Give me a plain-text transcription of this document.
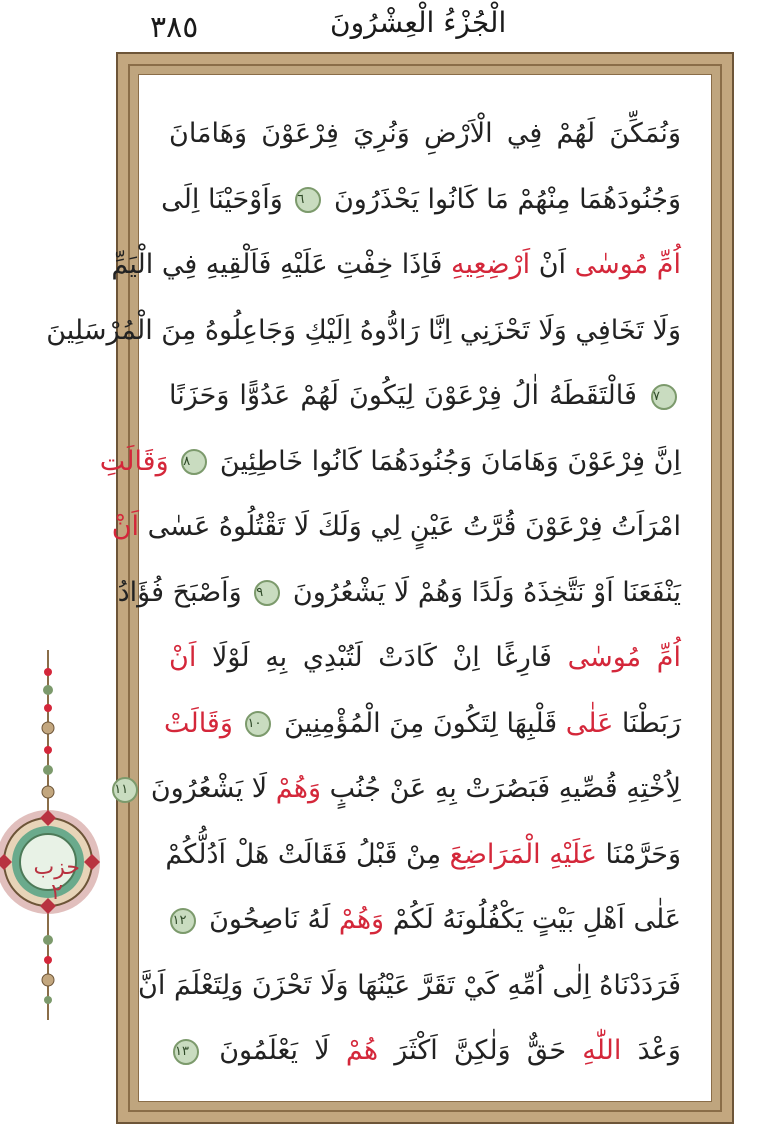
٣٨٥	الْجُزْءُ الْعِشْرُونَ
حزب ٢
وَنُمَكِّنَ لَهُمْ فِي الْاَرْضِ وَنُرِيَ فِرْعَوْنَ وَهَامَانَ
وَجُنُودَهُمَا مِنْهُمْ مَا كَانُوا يَحْذَرُونَ ٦ وَاَوْحَيْنَا اِلَى
اُمِّ مُوسٰى اَنْ اَرْضِعِيهِ فَاِذَا خِفْتِ عَلَيْهِ فَاَلْقِيهِ فِي الْيَمِّ
وَلَا تَخَافِي وَلَا تَحْزَنِي اِنَّا رَادُّوهُ اِلَيْكِ وَجَاعِلُوهُ مِنَ الْمُرْسَلِينَ
٧ فَالْتَقَطَهُ اٰلُ فِرْعَوْنَ لِيَكُونَ لَهُمْ عَدُوًّا وَحَزَنًا
اِنَّ فِرْعَوْنَ وَهَامَانَ وَجُنُودَهُمَا كَانُوا خَاطِئِينَ ٨ وَقَالَتِ
امْرَاَتُ فِرْعَوْنَ قُرَّتُ عَيْنٍ لِي وَلَكَ لَا تَقْتُلُوهُ عَسٰى اَنْ
يَنْفَعَنَا اَوْ نَتَّخِذَهُ وَلَدًا وَهُمْ لَا يَشْعُرُونَ ٩ وَاَصْبَحَ فُؤَادُ
اُمِّ مُوسٰى فَارِغًا اِنْ كَادَتْ لَتُبْدِي بِهِ لَوْلَا اَنْ
رَبَطْنَا عَلٰى قَلْبِهَا لِتَكُونَ مِنَ الْمُؤْمِنِينَ ١٠ وَقَالَتْ
لِاُخْتِهِ قُصِّيهِ فَبَصُرَتْ بِهِ عَنْ جُنُبٍ وَهُمْ لَا يَشْعُرُونَ ١١
وَحَرَّمْنَا عَلَيْهِ الْمَرَاضِعَ مِنْ قَبْلُ فَقَالَتْ هَلْ اَدُلُّكُمْ
عَلٰى اَهْلِ بَيْتٍ يَكْفُلُونَهُ لَكُمْ وَهُمْ لَهُ نَاصِحُونَ ١٢
فَرَدَدْنَاهُ اِلٰى اُمِّهِ كَيْ تَقَرَّ عَيْنُهَا وَلَا تَحْزَنَ وَلِتَعْلَمَ اَنَّ
وَعْدَ اللّٰهِ حَقٌّ وَلٰكِنَّ اَكْثَرَ هُمْ لَا يَعْلَمُونَ ١٣
